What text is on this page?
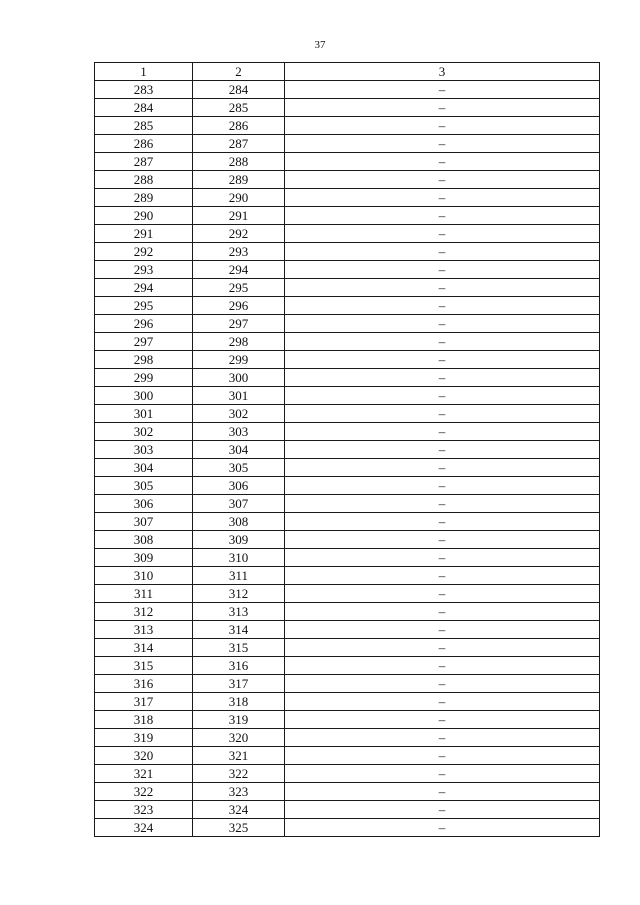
37
1	2	3
283	284	–
284	285	–
285	286	–
286	287	–
287	288	–
288	289	–
289	290	–
290	291	–
291	292	–
292	293	–
293	294	–
294	295	–
295	296	–
296	297	–
297	298	–
298	299	–
299	300	–
300	301	–
301	302	–
302	303	–
303	304	–
304	305	–
305	306	–
306	307	–
307	308	–
308	309	–
309	310	–
310	311	–
311	312	–
312	313	–
313	314	–
314	315	–
315	316	–
316	317	–
317	318	–
318	319	–
319	320	–
320	321	–
321	322	–
322	323	–
323	324	–
324	325	–
